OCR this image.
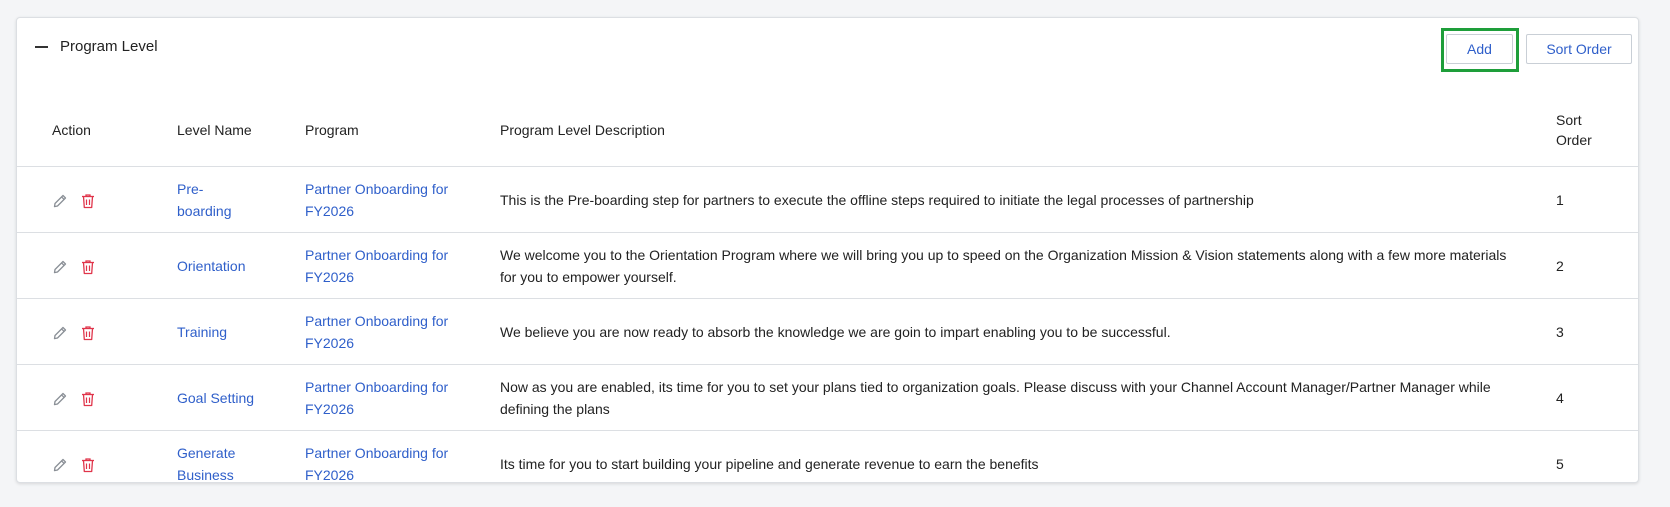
Program Level	Add	Sort Order
Action	Level Name	Program	Program Level Description	Sort Order

	Pre-boarding	Partner Onboarding for FY2026	This is the Pre-boarding step for partners to execute the offline steps required to initiate the legal processes of partnership	1

	Orientation	Partner Onboarding for FY2026	We welcome you to the Orientation Program where we will bring you up to speed on the Organization Mission & Vision statements along with a few more materials for you to empower yourself.	2

	Training	Partner Onboarding for FY2026	We believe you are now ready to absorb the knowledge we are goin to impart enabling you to be successful.	3

	Goal Setting	Partner Onboarding for FY2026	Now as you are enabled, its time for you to set your plans tied to organization goals. Please discuss with your Channel Account Manager/Partner Manager while defining the plans	4

	Generate Business	Partner Onboarding for FY2026	Its time for you to start building your pipeline and generate revenue to earn the benefits	5
